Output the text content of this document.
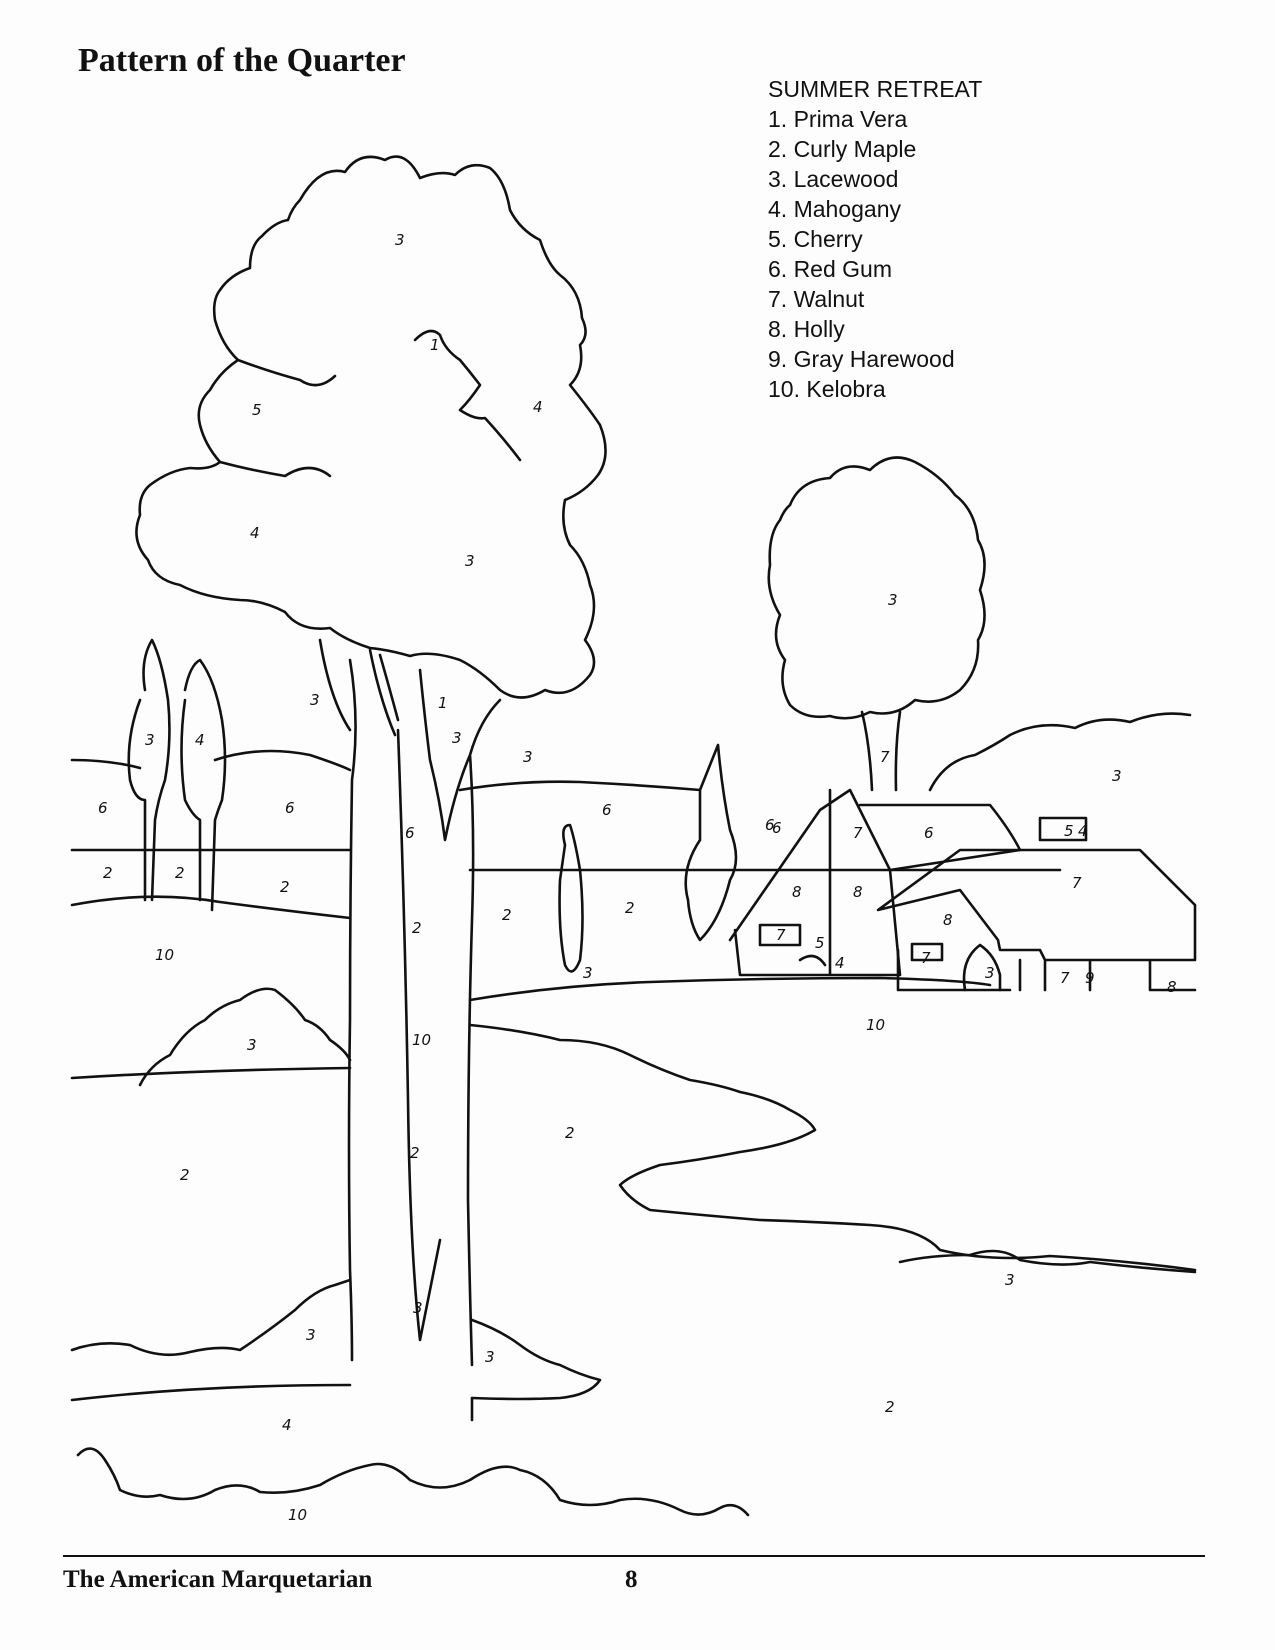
Pattern of the Quarter

SUMMER RETREAT

1. Prima Vera
2. Curly Maple
3. Lacewood
4. Mahogany
5. Cherry
6. Red Gum
7. Walnut
8. Holly
9. Gray Harewood
10. Kelobra
3
1
5	4
4
3
3
3
3	4
3
6	6
6
6
2	2
2
1
3
7
6	7	6
5
4
7
8	8
8
7
7
3	7 9	8
2
2	2
3
10
10
3	10
2
2
2
3
3
3
3
3
2
4
10
6	5 4
The American Marquetarian	8
